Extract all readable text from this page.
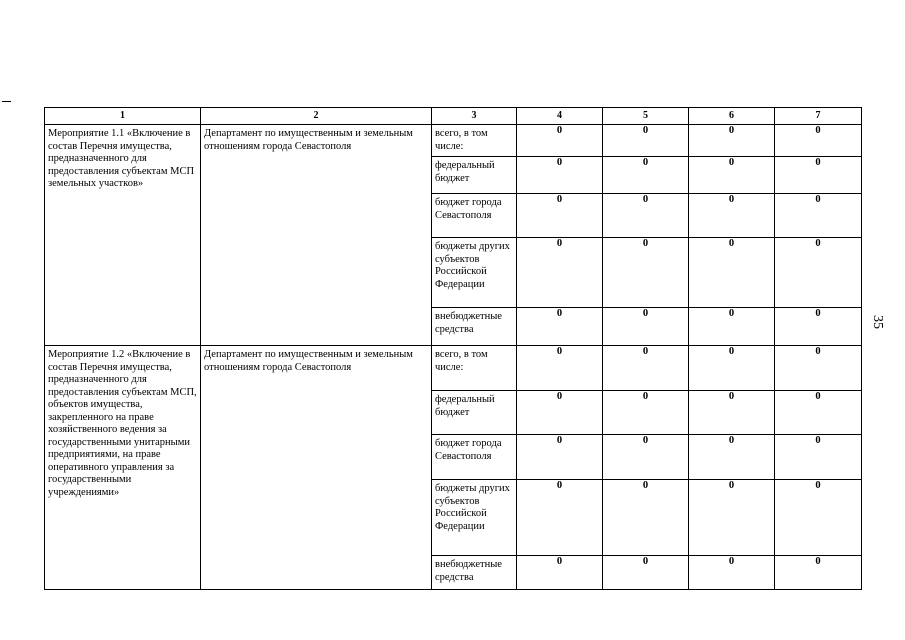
35
1	2	3	4	5	6	7

Мероприятие 1.1 «Включение в состав Перечня имущества, предназначенного для предоставления субъектам МСП земельных участков»	Департамент по имущественным и земельным отношениям города Севастополя	всего, в том числе:	0	0	0	0

		федеральный бюджет	0	0	0	0

		бюджет города Севастополя	0	0	0	0

		бюджеты других субъектов Российской Федерации	0	0	0	0

		внебюджетные средства	0	0	0	0

Мероприятие 1.2 «Включение в состав Перечня имущества, предназначенного для предоставления субъектам МСП, объектов имущества, закрепленного на праве хозяйственного ведения за государственными унитарными предприятиями, на праве оперативного управления за государственными учреждениями»	Департамент по имущественным и земельным отношениям города Севастополя	всего, в том числе:	0	0	0	0

		федеральный бюджет	0	0	0	0

		бюджет города Севастополя	0	0	0	0

		бюджеты других субъектов Российской Федерации	0	0	0	0

		внебюджетные средства	0	0	0	0
